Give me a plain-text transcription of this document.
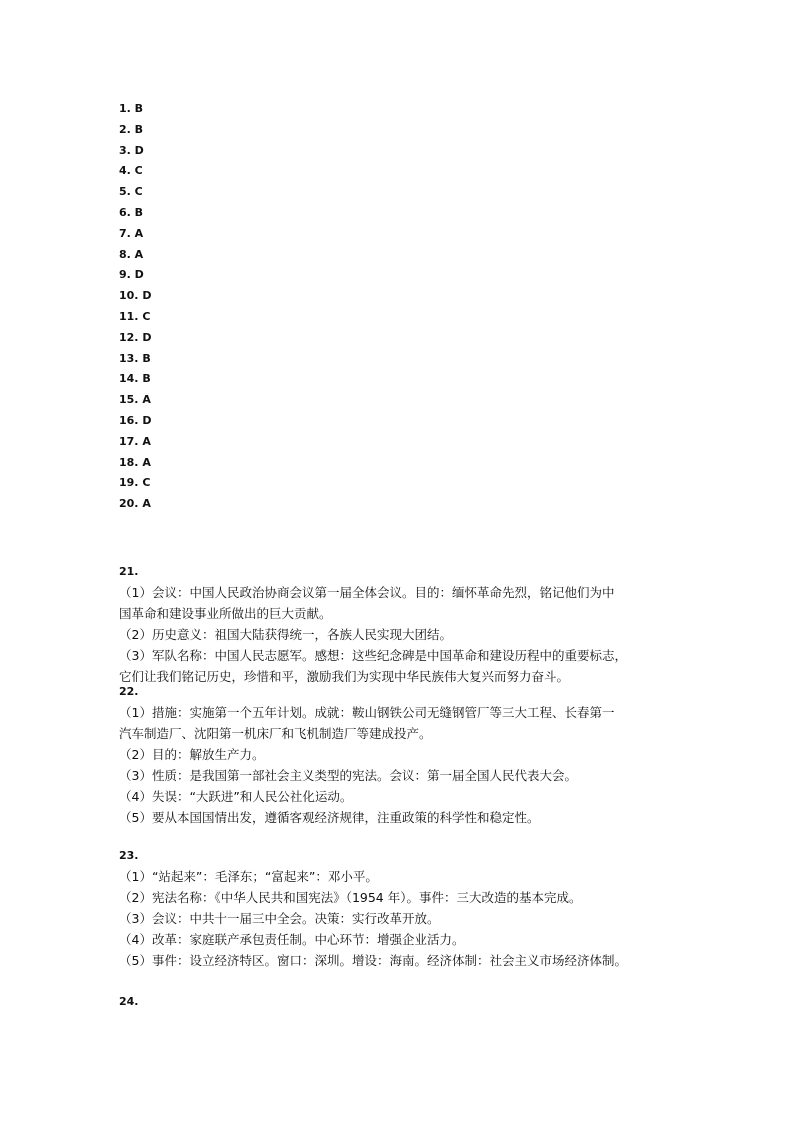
1. B
2. B
3. D
4. C
5. C
6. B
7. A
8. A
9. D
10. D
11. C
12. D
13. B
14. B
15. A
16. D
17. A
18. A
19. C
20. A
21.
（1）会议：中国人民政治协商会议第一届全体会议。目的：缅怀革命先烈，铭记他们为中
国革命和建设事业所做出的巨大贡献。
（2）历史意义：祖国大陆获得统一，各族人民实现大团结。
（3）军队名称：中国人民志愿军。感想：这些纪念碑是中国革命和建设历程中的重要标志，
它们让我们铭记历史，珍惜和平，激励我们为实现中华民族伟大复兴而努力奋斗。
22.
（1）措施：实施第一个五年计划。成就：鞍山钢铁公司无缝钢管厂等三大工程、长春第一
汽车制造厂、沈阳第一机床厂和飞机制造厂等建成投产。
（2）目的：解放生产力。
（3）性质：是我国第一部社会主义类型的宪法。会议：第一届全国人民代表大会。
（4）失误：“大跃进”和人民公社化运动。
（5）要从本国国情出发，遵循客观经济规律，注重政策的科学性和稳定性。
23.
（1）“站起来”：毛泽东；“富起来”：邓小平。
（2）宪法名称：《中华人民共和国宪法》（1954 年）。事件：三大改造的基本完成。
（3）会议：中共十一届三中全会。决策：实行改革开放。
（4）改革：家庭联产承包责任制。中心环节：增强企业活力。
（5）事件：设立经济特区。窗口：深圳。增设：海南。经济体制：社会主义市场经济体制。
24.
